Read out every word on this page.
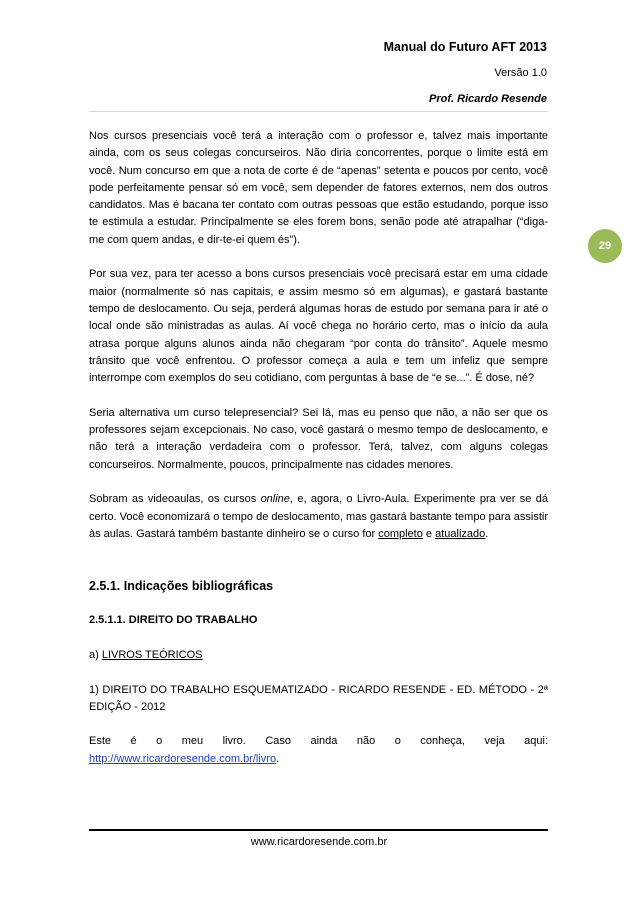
Manual do Futuro AFT 2013
Versão 1.0
Prof. Ricardo Resende
29

Nos cursos presenciais você terá a interação com o professor e, talvez mais importante ainda, com os seus colegas concurseiros. Não diria concorrentes, porque o limite está em você. Num concurso em que a nota de corte é de “apenas” setenta e poucos por cento, você pode perfeitamente pensar só em você, sem depender de fatores externos, nem dos outros candidatos. Mas é bacana ter contato com outras pessoas que estão estudando, porque isso te estimula a estudar. Principalmente se eles forem bons, senão pode até atrapalhar (“diga-me com quem andas, e dir-te-ei quem és”).

Por sua vez, para ter acesso a bons cursos presenciais você precisará estar em uma cidade maior (normalmente só nas capitais, e assim mesmo só em algumas), e gastará bastante tempo de deslocamento. Ou seja, perderá algumas horas de estudo por semana para ir até o local onde são ministradas as aulas. Aí você chega no horário certo, mas o início da aula atrasa porque alguns alunos ainda não chegaram “por conta do trânsito”. Aquele mesmo trânsito que você enfrentou. O professor começa a aula e tem um infeliz que sempre interrompe com exemplos do seu cotidiano, com perguntas à base de “e se...”. É dose, né?

Seria alternativa um curso telepresencial? Sei lá, mas eu penso que não, a não ser que os professores sejam excepcionais. No caso, você gastará o mesmo tempo de deslocamento, e não terá a interação verdadeira com o professor. Terá, talvez, com alguns colegas concurseiros. Normalmente, poucos, principalmente nas cidades menores.

Sobram as videoaulas, os cursos online, e, agora, o Livro-Aula. Experimente pra ver se dá certo. Você economizará o tempo de deslocamento, mas gastará bastante tempo para assistir às aulas. Gastará também bastante dinheiro se o curso for completo e atualizado.

2.5.1. Indicações bibliográficas

2.5.1.1. DIREITO DO TRABALHO

a) LIVROS TEÓRICOS

1) DIREITO DO TRABALHO ESQUEMATIZADO - RICARDO RESENDE - ED. MÉTODO - 2ª EDIÇÃO - 2012

Este é o meu livro. Caso ainda não o conheça, veja aqui:

http://www.ricardoresende.com.br/livro.

www.ricardoresende.com.br
